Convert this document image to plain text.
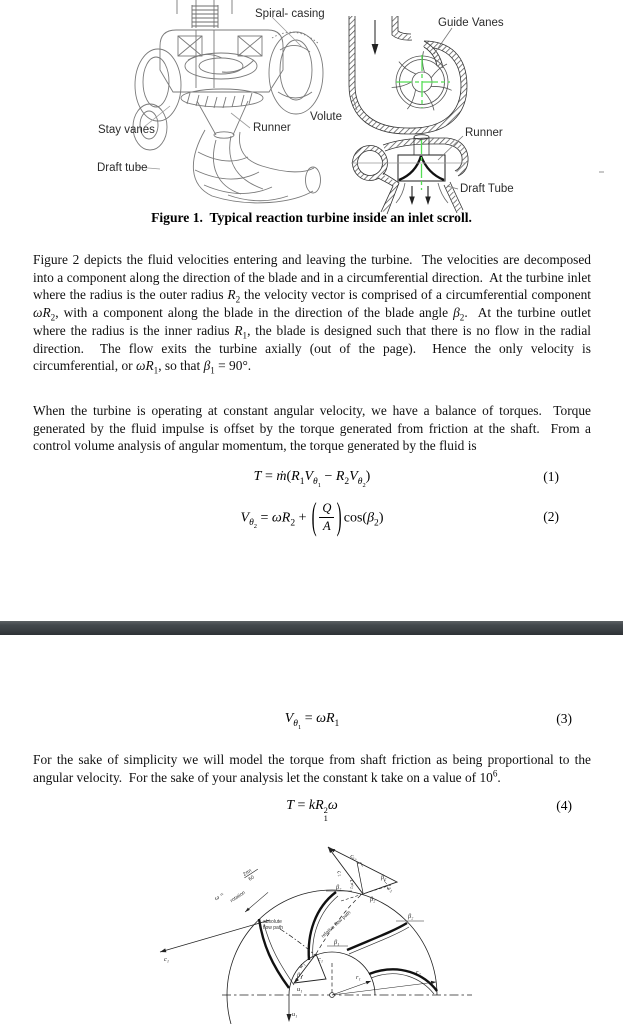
Spiral- casing
Guide Vanes
Volute
Stay vanes	Runner
Draft tube
Runner
Draft Tube
Figure 1.  Typical reaction turbine inside an inlet scroll.

Figure 2 depicts the fluid velocities entering and leaving the turbine.  The velocities are decomposed into a component along the direction of the blade and in a circumferential direction.  At the turbine inlet where the radius is the outer radius $R_2$ the velocity vector is comprised of a circumferential component $\omega R_2$, with a component along the blade in the direction of the blade angle $\beta_2$.  At the turbine outlet where the radius is the inner radius $R_1$, the blade is designed such that there is no flow in the radial direction.  The flow exits the turbine axially (out of the page).  Hence the only velocity is circumferential, or $\omega R_1$, so that $\beta_1 = 90^\circ$.

When the turbine is operating at constant angular velocity, we have a balance of torques.  Torque generated by the fluid impulse is offset by the torque generated from friction at the shaft.  From a control volume analysis of angular momentum, the torque generated by the fluid is

$T = ṁ(R_1V_{\theta_1} - R_2V_{\theta_2})$	(1)
$V_{\theta_2} = \omega R_2$ + ( $\frac{Q}{A}$ ) $\cos(\beta_2)$	(2)
$V_{\theta_1} = \omega R_1$	(3)

For the sake of simplicity we will model the torque from shaft friction as being proportional to the angular velocity.  For the sake of your analysis let the constant k take on a value of $10^6$.

T = kR 2
1
ω	(4)
ω =
2πn
60
rotation
c₁
u₁
w₁
β₁
u₁
c₁
β₁
r₁
r₂
β₂
β₂
β₂
β₂
c₂
cᵤ₂
cₘ₂	w₂
absolute
flow path	relative flow path
